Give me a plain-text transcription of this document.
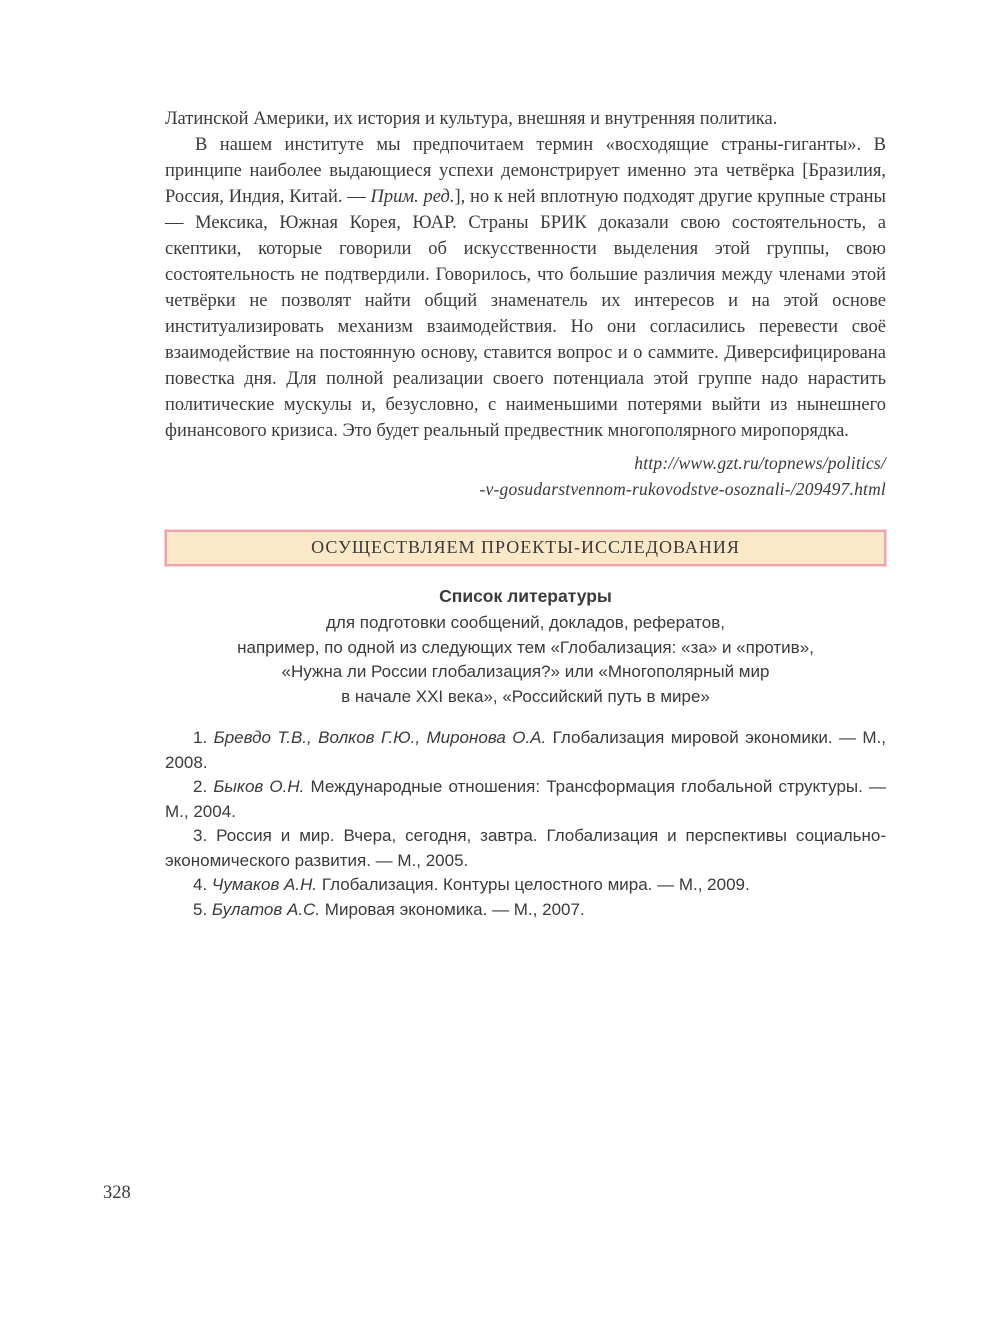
Латинской Америки, их история и культура, внешняя и внутренняя политика.

В нашем институте мы предпочитаем термин «восходящие страны-гиганты». В принципе наиболее выдающиеся успехи демонстрирует именно эта четвёрка [Бразилия, Россия, Индия, Китай. — Прим. ред.], но к ней вплотную подходят другие крупные страны — Мексика, Южная Корея, ЮАР. Страны БРИК доказали свою состоятельность, а скептики, которые говорили об искусственности выделения этой группы, свою состоятельность не подтвердили. Говорилось, что большие различия между членами этой четвёрки не позволят найти общий знаменатель их интересов и на этой основе институализировать механизм взаимодействия. Но они согласились перевести своё взаимодействие на постоянную основу, ставится вопрос и о саммите. Диверсифицирована повестка дня. Для полной реализации своего потенциала этой группе надо нарастить политические мускулы и, безусловно, с наименьшими потерями выйти из нынешнего финансового кризиса. Это будет реальный предвестник многополярного миропорядка.

http://www.gzt.ru/topnews/politics/
-v-gosudarstvennom-rukovodstve-osoznali-/209497.html
ОСУЩЕСТВЛЯЕМ ПРОЕКТЫ-ИССЛЕДОВАНИЯ
Список литературы
для подготовки сообщений, докладов, рефератов,
например, по одной из следующих тем «Глобализация: «за» и «против»,
«Нужна ли России глобализация?» или «Многополярный мир
в начале XXI века», «Российский путь в мире»

1. Бревдо Т.В., Волков Г.Ю., Миронова О.А. Глобализация мировой экономики. — М., 2008.

2. Быков О.Н. Международные отношения: Трансформация глобальной структуры. — М., 2004.

3. Россия и мир. Вчера, сегодня, завтра. Глобализация и перспективы социально-экономического развития. — М., 2005.

4. Чумаков А.Н. Глобализация. Контуры целостного мира. — М., 2009.

5. Булатов А.С. Мировая экономика. — М., 2007.

328
